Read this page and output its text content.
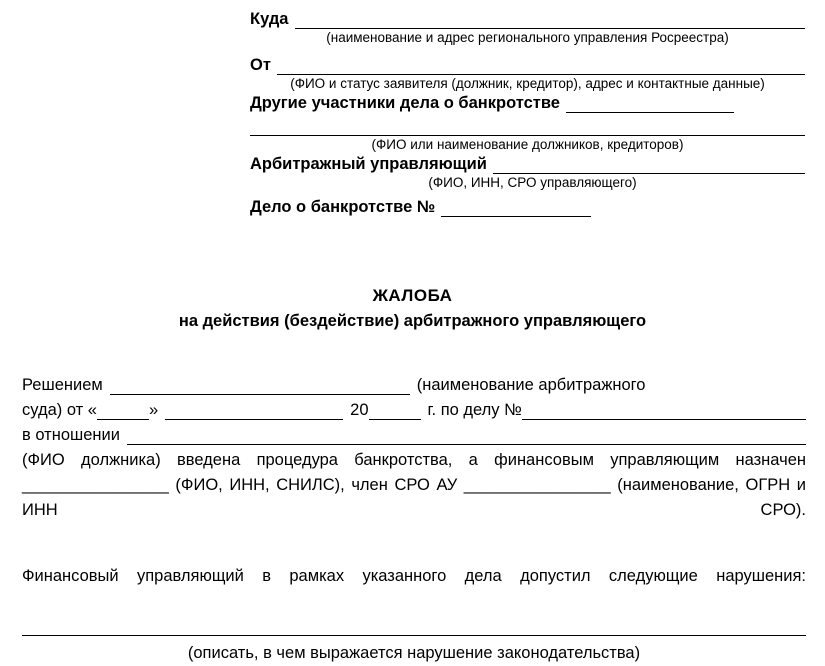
Куда
(наименование и адрес регионального управления Росреестра)
От
(ФИО и статус заявителя (должник, кредитор), адрес и контактные данные)
Другие участники дела о банкротстве
(ФИО или наименование должников, кредиторов)
Арбитражный управляющий
(ФИО, ИНН, СРО управляющего)
Дело о банкротстве №
ЖАЛОБА
на действия (бездействие) арбитражного управляющего
Решением	(наименование арбитражного
суда) от «	»	20	г. по делу №
в отношении
(ФИО должника) введена процедура банкротства, а финансовым управляющим назначен ________________ (ФИО, ИНН, СНИЛС), член СРО АУ ________________ (наименование, ОГРН и ИНН СРО).
Финансовый управляющий в рамках указанного дела допустил следующие нарушения:
(описать, в чем выражается нарушение законодательства)
